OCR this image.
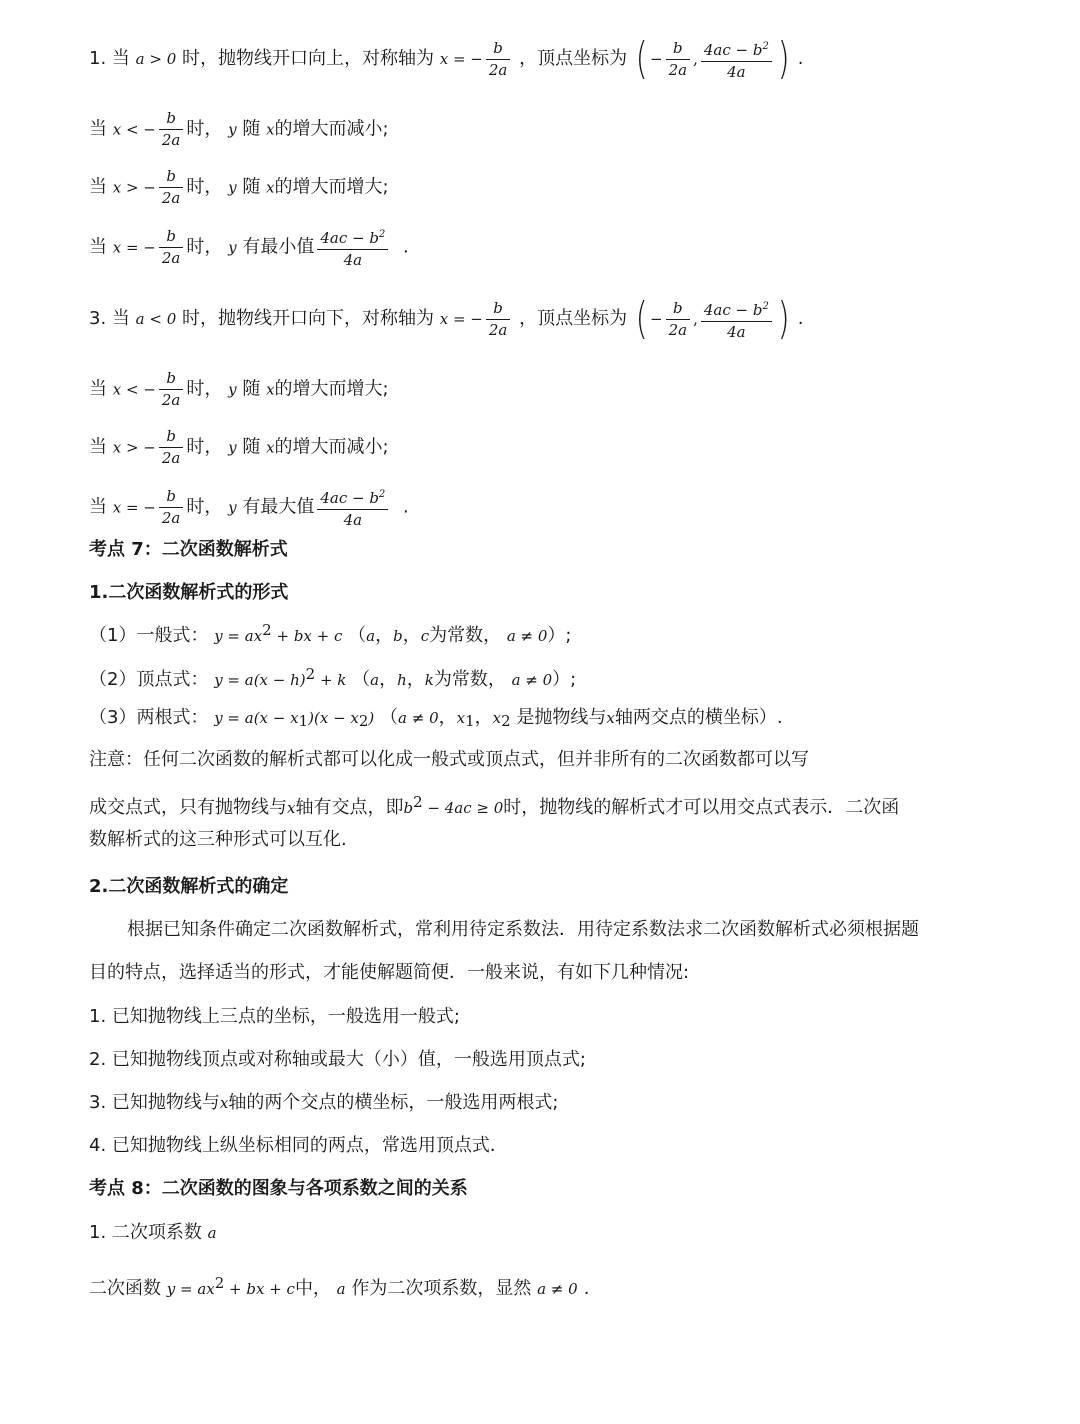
1. 当 a > 0 时，抛物线开口向上，对称轴为 x = − $\frac{b}{2a}$ ，顶点坐标为 ( − $\frac{b}{2a}$ , $\frac{4ac - b^2}{4a}$ ) .
当 x < − $\frac{b}{2a}$ 时， y 随 x的增大而减小;
当 x > − $\frac{b}{2a}$ 时， y 随 x的增大而增大;
当 x = − $\frac{b}{2a}$ 时， y 有最小值 $\frac{4ac - b^2}{4a}$ .
3. 当 a < 0 时，抛物线开口向下，对称轴为 x = − $\frac{b}{2a}$ ，顶点坐标为 ( − $\frac{b}{2a}$ , $\frac{4ac - b^2}{4a}$ ) .
当 x < − $\frac{b}{2a}$ 时， y 随 x的增大而增大;
当 x > − $\frac{b}{2a}$ 时， y 随 x的增大而减小;
当 x = − $\frac{b}{2a}$ 时， y 有最大值 $\frac{4ac - b^2}{4a}$ .
考点 7：二次函数解析式
1.二次函数解析式的形式
（1）一般式： $y = ax^2$ + bx + c （a，b，c为常数， a ≠ 0）;
（2）顶点式： $y = a(x - h)^2 + k$ （a，h，k为常数， a ≠ 0）;
（3）两根式： $y = a(x - x_1)(x - x_2)$ （a ≠ 0，$x_1$，$x_2$ 是抛物线与x轴两交点的横坐标）.
注意：任何二次函数的解析式都可以化成一般式或顶点式，但并非所有的二次函数都可以写
成交点式，只有抛物线与x轴有交点，即$b^2 - 4ac \ge 0$时，抛物线的解析式才可以用交点式表示．二次函
数解析式的这三种形式可以互化.
2.二次函数解析式的确定
根据已知条件确定二次函数解析式，常利用待定系数法．用待定系数法求二次函数解析式必须根据题
目的特点，选择适当的形式，才能使解题简便．一般来说，有如下几种情况:
1. 已知抛物线上三点的坐标，一般选用一般式;
2. 已知抛物线顶点或对称轴或最大（小）值，一般选用顶点式;
3. 已知抛物线与x轴的两个交点的横坐标，一般选用两根式;
4. 已知抛物线上纵坐标相同的两点，常选用顶点式．
考点 8：二次函数的图象与各项系数之间的关系
1. 二次项系数 a
二次函数 $y = ax^2$ + bx + c中， a 作为二次项系数，显然 a ≠ 0 .
